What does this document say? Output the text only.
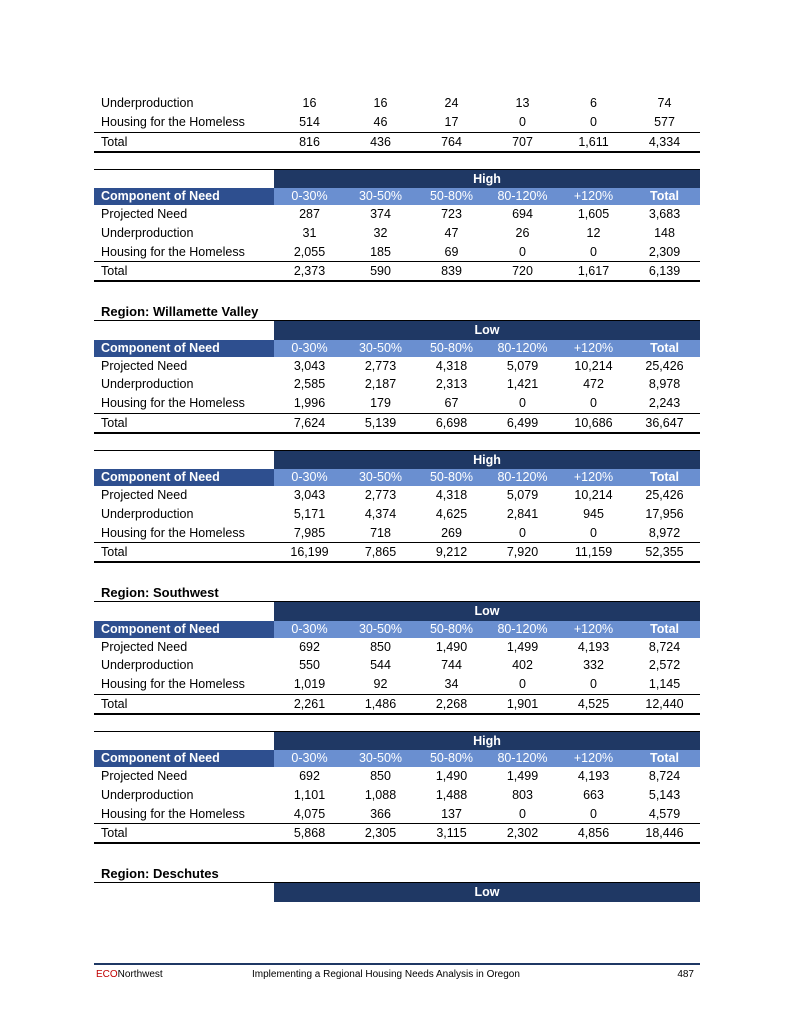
Underproduction	16	16	24	13	6	74
Housing for the Homeless	514	46	17	0	0	577
Total	816	436	764	707	1,611	4,334
	High					
Component of Need	0-30%	30-50%	50-80%	80-120%	+120%	Total
Projected Need	287	374	723	694	1,605	3,683
Underproduction	31	32	47	26	12	148
Housing for the Homeless	2,055	185	69	0	0	2,309
Total	2,373	590	839	720	1,617	6,139
Region: Willamette Valley
	Low					
Component of Need	0-30%	30-50%	50-80%	80-120%	+120%	Total
Projected Need	3,043	2,773	4,318	5,079	10,214	25,426
Underproduction	2,585	2,187	2,313	1,421	472	8,978
Housing for the Homeless	1,996	179	67	0	0	2,243
Total	7,624	5,139	6,698	6,499	10,686	36,647
	High					
Component of Need	0-30%	30-50%	50-80%	80-120%	+120%	Total
Projected Need	3,043	2,773	4,318	5,079	10,214	25,426
Underproduction	5,171	4,374	4,625	2,841	945	17,956
Housing for the Homeless	7,985	718	269	0	0	8,972
Total	16,199	7,865	9,212	7,920	11,159	52,355
Region: Southwest
	Low					
Component of Need	0-30%	30-50%	50-80%	80-120%	+120%	Total
Projected Need	692	850	1,490	1,499	4,193	8,724
Underproduction	550	544	744	402	332	2,572
Housing for the Homeless	1,019	92	34	0	0	1,145
Total	2,261	1,486	2,268	1,901	4,525	12,440
	High					
Component of Need	0-30%	30-50%	50-80%	80-120%	+120%	Total
Projected Need	692	850	1,490	1,499	4,193	8,724
Underproduction	1,101	1,088	1,488	803	663	5,143
Housing for the Homeless	4,075	366	137	0	0	4,579
Total	5,868	2,305	3,115	2,302	4,856	18,446
Region: Deschutes
	Low
ECONorthwest	Implementing a Regional Housing Needs Analysis in Oregon	487
